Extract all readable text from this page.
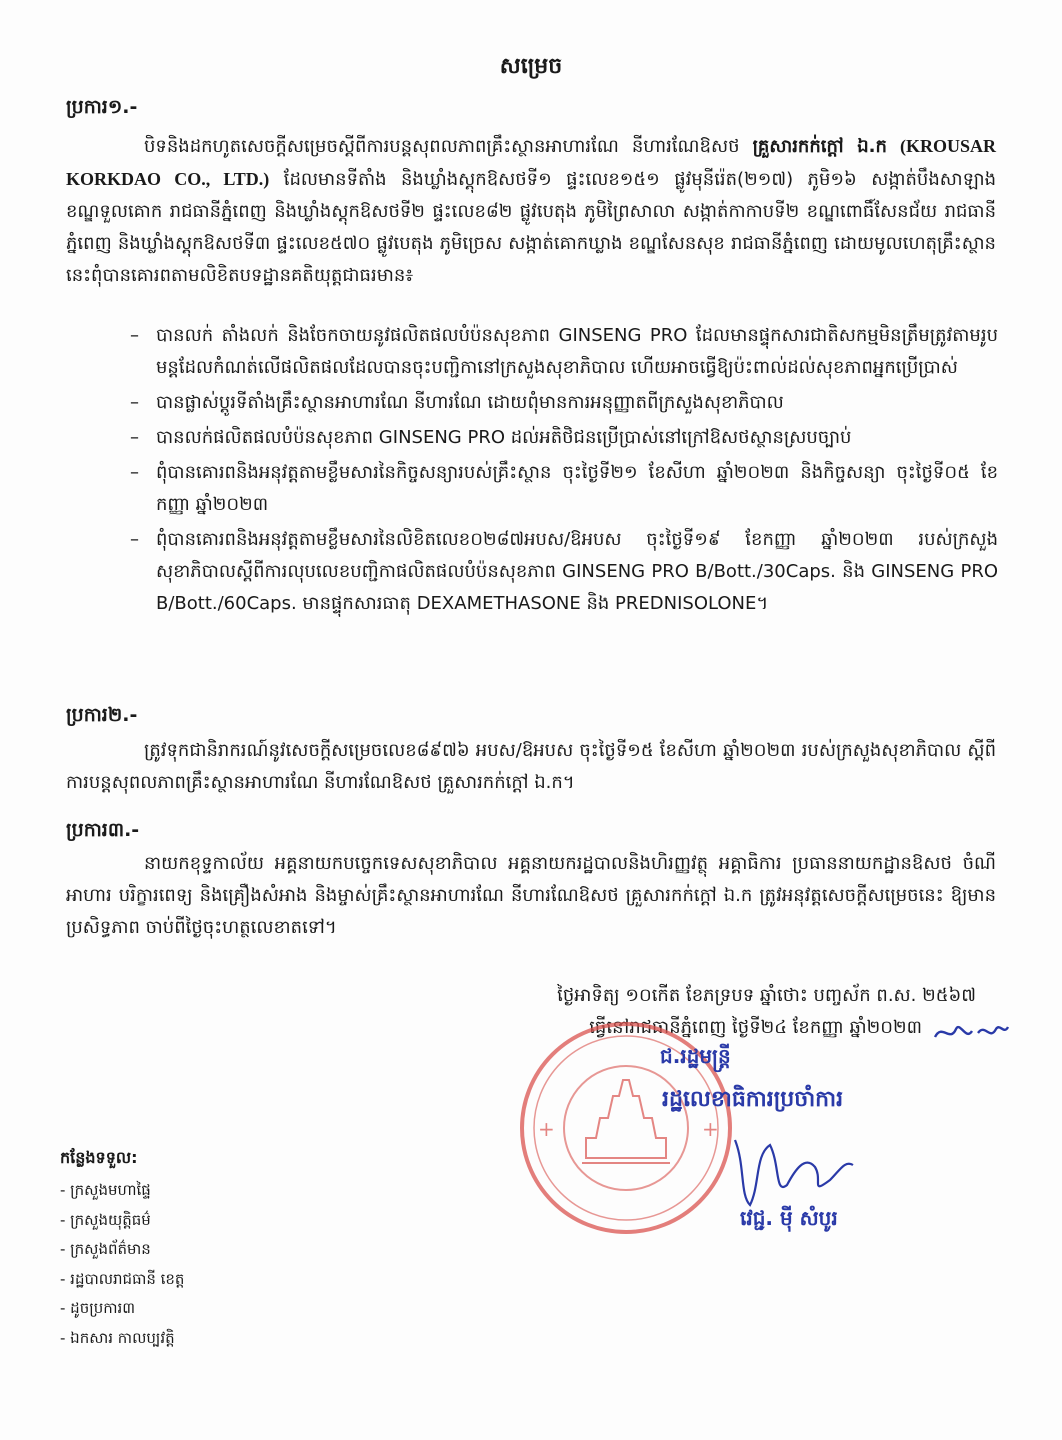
សម្រេច
ប្រការ១.-
បិទនិងដកហូតសេចក្តីសម្រេចស្តីពីការបន្តសុពលភាពគ្រឹះស្ថានអាហារណែ នីហារណែឱសថ គ្រួសារកក់ក្តៅ ឯ.ក (KROUSAR KORKDAO CO., LTD.) ដែលមានទីតាំង និងឃ្លាំងស្តុកឱសថទី១ ផ្ទះលេខ១៥១ ផ្លូវមុនីរ៉េត(២១៧) ភូមិ១៦ សង្កាត់បឹងសាឡាង ខណ្ឌទួលគោក រាជធានីភ្នំពេញ និងឃ្លាំងស្តុកឱសថទី២ ផ្ទះលេខ៨២ ផ្លូវបេតុង ភូមិព្រៃសាលា សង្កាត់កាកាបទី២ ខណ្ឌពោធិ៍សែនជ័យ រាជធានីភ្នំពេញ និងឃ្លាំងស្តុកឱសថទី៣ ផ្ទះលេខ៥៧០ ផ្លូវបេតុង ភូមិច្រេស សង្កាត់គោកឃ្លាង ខណ្ឌសែនសុខ រាជធានីភ្នំពេញ ដោយមូលហេតុគ្រឹះស្ថាននេះពុំបានគោរពតាមលិខិតបទដ្ឋានគតិយុត្តជាធរមាន៖
– បានលក់ តាំងលក់ និងចែកចាយនូវផលិតផលបំប៉នសុខភាព GINSENG PRO ដែលមានផ្ទុកសារជាតិសកម្មមិនត្រឹមត្រូវតាមរូបមន្តដែលកំណត់លើផលិតផលដែលបានចុះបញ្ជិកានៅក្រសួងសុខាភិបាល ហើយអាចធ្វើឱ្យប៉ះពាល់ដល់សុខភាពអ្នកប្រើប្រាស់
– បានផ្លាស់ប្តូរទីតាំងគ្រឹះស្ថានអាហារណែ នីហារណែ ដោយពុំមានការអនុញ្ញាតពីក្រសួងសុខាភិបាល
– បានលក់ផលិតផលបំប៉នសុខភាព GINSENG PRO ដល់អតិថិជនប្រើប្រាស់នៅក្រៅឱសថស្ថានស្របច្បាប់
– ពុំបានគោរពនិងអនុវត្តតាមខ្លឹមសារនៃកិច្ចសន្យារបស់គ្រឹះស្ថាន ចុះថ្ងៃទី២១ ខែសីហា ឆ្នាំ២០២៣ និងកិច្ចសន្យា ចុះថ្ងៃទី០៥ ខែកញ្ញា ឆ្នាំ២០២៣
– ពុំបានគោរពនិងអនុវត្តតាមខ្លឹមសារនៃលិខិតលេខ០២៨៧អបស/ឱអបស ចុះថ្ងៃទី១៩ ខែកញ្ញា ឆ្នាំ២០២៣ របស់ក្រសួងសុខាភិបាលស្តីពីការលុបលេខបញ្ជិកាផលិតផលបំប៉នសុខភាព GINSENG PRO B/Bott./30Caps. និង GINSENG PRO B/Bott./60Caps. មានផ្ទុកសារធាតុ DEXAMETHASONE និង PREDNISOLONE។
ប្រការ២.-
ត្រូវទុកជានិរាករណ៍នូវសេចក្តីសម្រេចលេខ៨៩៧៦ អបស/ឱអបស ចុះថ្ងៃទី១៥ ខែសីហា ឆ្នាំ២០២៣ របស់ក្រសួងសុខាភិបាល ស្តីពីការបន្តសុពលភាពគ្រឹះស្ថានអាហារណែ នីហារណែឱសថ គ្រួសារកក់ក្តៅ ឯ.ក។
ប្រការ៣.-
នាយកខុទ្ទកាល័យ អគ្គនាយកបច្ចេកទេសសុខាភិបាល អគ្គនាយករដ្ឋបាលនិងហិរញ្ញវត្ថុ អគ្គាធិការ ប្រធាននាយកដ្ឋានឱសថ ចំណីអាហារ បរិក្ខារពេទ្យ និងគ្រឿងសំអាង និងម្ចាស់គ្រឹះស្ថានអាហារណែ នីហារណែឱសថ គ្រួសារកក់ក្តៅ ឯ.ក ត្រូវអនុវត្តសេចក្តីសម្រេចនេះ ឱ្យមានប្រសិទ្ធភាព ចាប់ពីថ្ងៃចុះហត្ថលេខាតទៅ។
ថ្ងៃអាទិត្យ ១០កើត ខែភទ្របទ ឆ្នាំថោះ បញ្ចស័ក ព.ស. ២៥៦៧
ធ្វើនៅរាជធានីភ្នំពេញ ថ្ងៃទី២៤ ខែកញ្ញា ឆ្នាំ២០២៣
+	+
ជ.រដ្ឋមន្ត្រី
រដ្ឋលេខាធិការប្រចាំការ
វេជ្ជ. ម៉ី សំបូរ
កន្លែងទទួល:
- ក្រសួងមហាផ្ទៃ
- ក្រសួងយុត្តិធម៌
- ក្រសួងព័ត៌មាន
- រដ្ឋបាលរាជធានី ខេត្ត
- ដូចប្រការ៣
- ឯកសារ កាលប្បវត្តិ
